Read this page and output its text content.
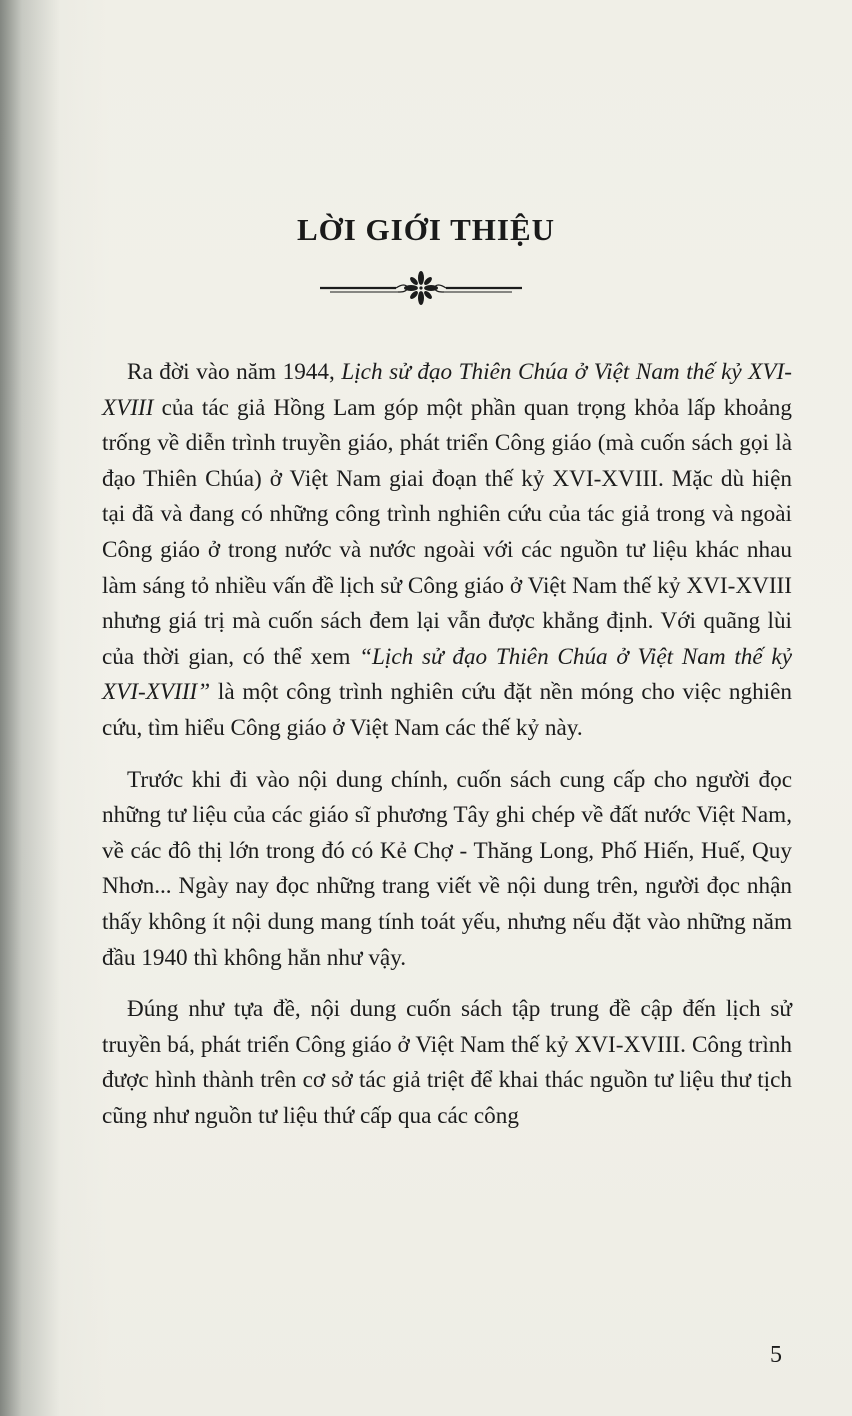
LỜI GIỚI THIỆU

Ra đời vào năm 1944, Lịch sử đạo Thiên Chúa ở Việt Nam thế kỷ XVI-XVIII của tác giả Hồng Lam góp một phần quan trọng khỏa lấp khoảng trống về diễn trình truyền giáo, phát triển Công giáo (mà cuốn sách gọi là đạo Thiên Chúa) ở Việt Nam giai đoạn thế kỷ XVI-XVIII. Mặc dù hiện tại đã và đang có những công trình nghiên cứu của tác giả trong và ngoài Công giáo ở trong nước và nước ngoài với các nguồn tư liệu khác nhau làm sáng tỏ nhiều vấn đề lịch sử Công giáo ở Việt Nam thế kỷ XVI-XVIII nhưng giá trị mà cuốn sách đem lại vẫn được khẳng định. Với quãng lùi của thời gian, có thể xem “Lịch sử đạo Thiên Chúa ở Việt Nam thế kỷ XVI-XVIII” là một công trình nghiên cứu đặt nền móng cho việc nghiên cứu, tìm hiểu Công giáo ở Việt Nam các thế kỷ này.

Trước khi đi vào nội dung chính, cuốn sách cung cấp cho người đọc những tư liệu của các giáo sĩ phương Tây ghi chép về đất nước Việt Nam, về các đô thị lớn trong đó có Kẻ Chợ - Thăng Long, Phố Hiến, Huế, Quy Nhơn... Ngày nay đọc những trang viết về nội dung trên, người đọc nhận thấy không ít nội dung mang tính toát yếu, nhưng nếu đặt vào những năm đầu 1940 thì không hẳn như vậy.

Đúng như tựa đề, nội dung cuốn sách tập trung đề cập đến lịch sử truyền bá, phát triển Công giáo ở Việt Nam thế kỷ XVI-XVIII. Công trình được hình thành trên cơ sở tác giả triệt để khai thác nguồn tư liệu thư tịch cũng như nguồn tư liệu thứ cấp qua các công

5
